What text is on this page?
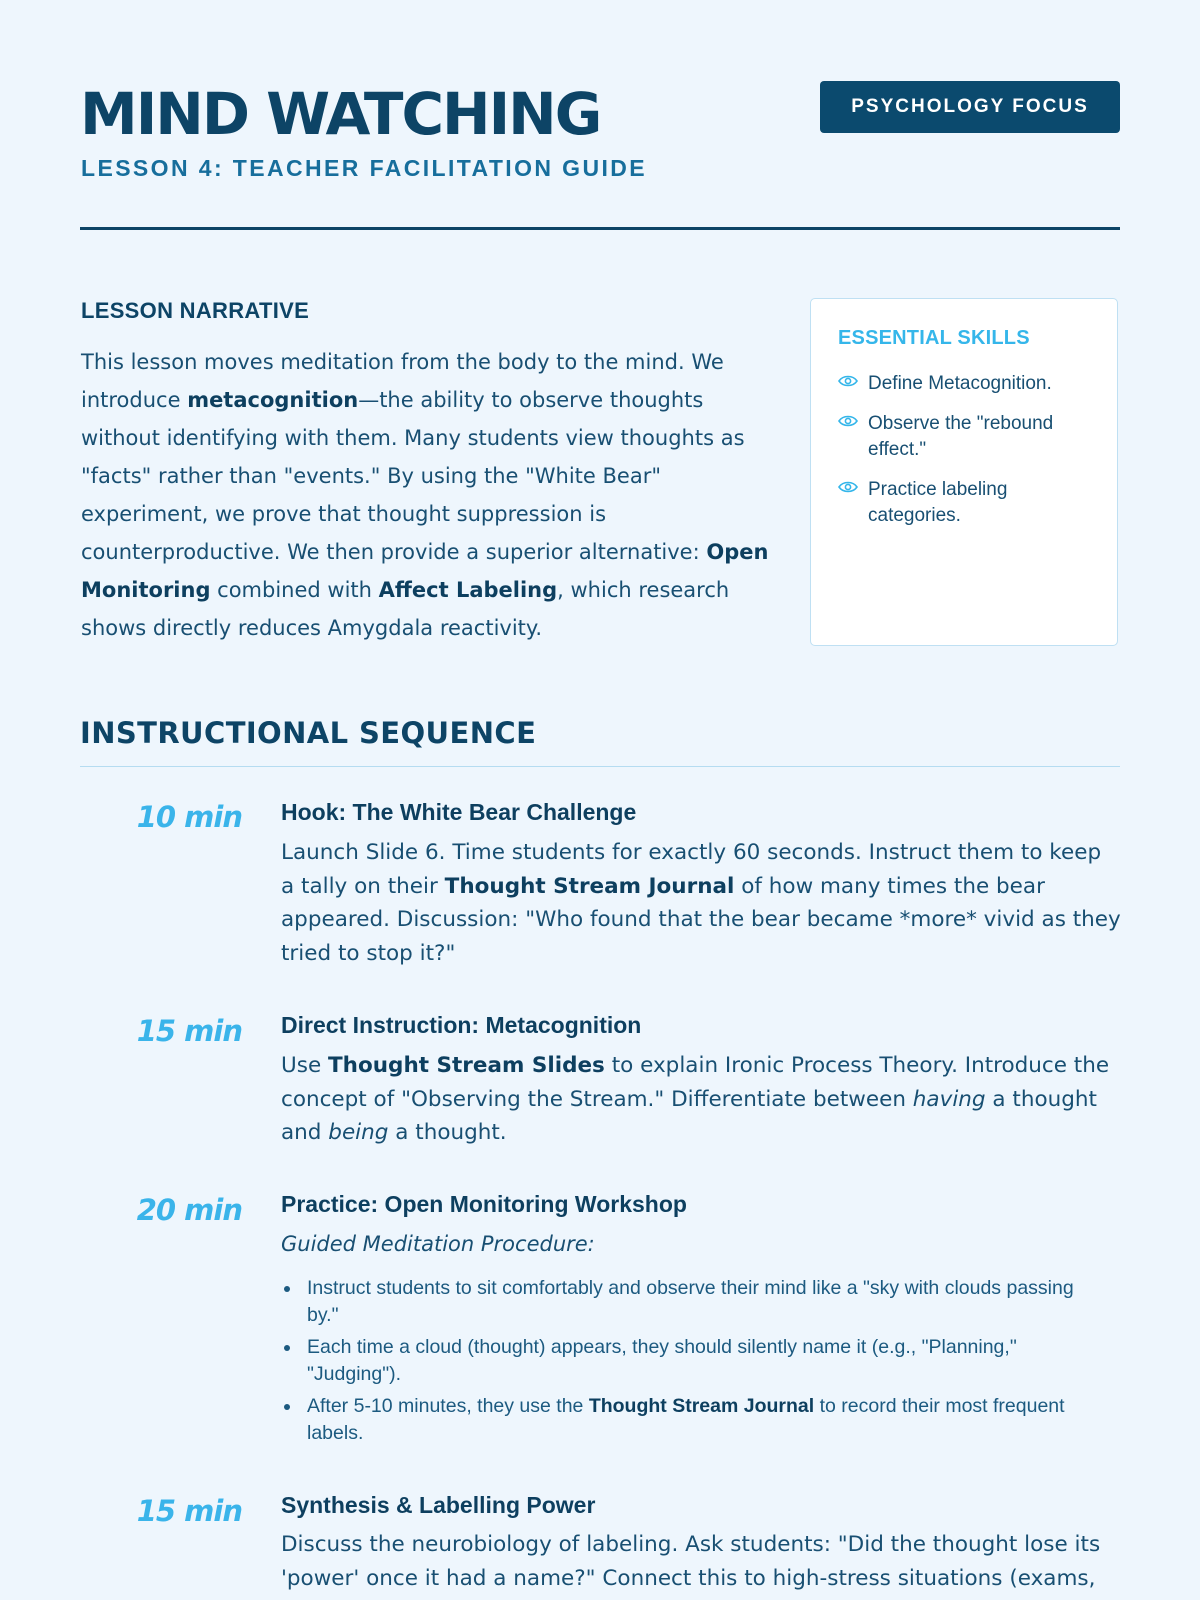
MIND WATCHING
LESSON 4: TEACHER FACILITATION GUIDE
PSYCHOLOGY FOCUS
LESSON NARRATIVE

This lesson moves meditation from the body to the mind. We introduce metacognition—the ability to observe thoughts without identifying with them. Many students view thoughts as "facts" rather than "events." By using the "White Bear" experiment, we prove that thought suppression is counterproductive. We then provide a superior alternative: Open Monitoring combined with Affect Labeling, which research shows directly reduces Amygdala reactivity.

ESSENTIAL SKILLS
Define Metacognition.
Observe the "rebound effect."
Practice labeling categories.
INSTRUCTIONAL SEQUENCE
10 min Hook: The White Bear Challenge

Launch Slide 6. Time students for exactly 60 seconds. Instruct them to keep a tally on their Thought Stream Journal of how many times the bear appeared. Discussion: "Who found that the bear became *more* vivid as they tried to stop it?"

15 min Direct Instruction: Metacognition

Use Thought Stream Slides to explain Ironic Process Theory. Introduce the concept of "Observing the Stream." Differentiate between having a thought and being a thought.

20 min Practice: Open Monitoring Workshop
Guided Meditation Procedure:
Instruct students to sit comfortably and observe their mind like a "sky with clouds passing by."
Each time a cloud (thought) appears, they should silently name it (e.g., "Planning," "Judging").
After 5-10 minutes, they use the Thought Stream Journal to record their most frequent labels.
15 min Synthesis & Labelling Power

Discuss the neurobiology of labeling. Ask students: "Did the thought lose its 'power' once it had a name?" Connect this to high-stress situations (exams,
